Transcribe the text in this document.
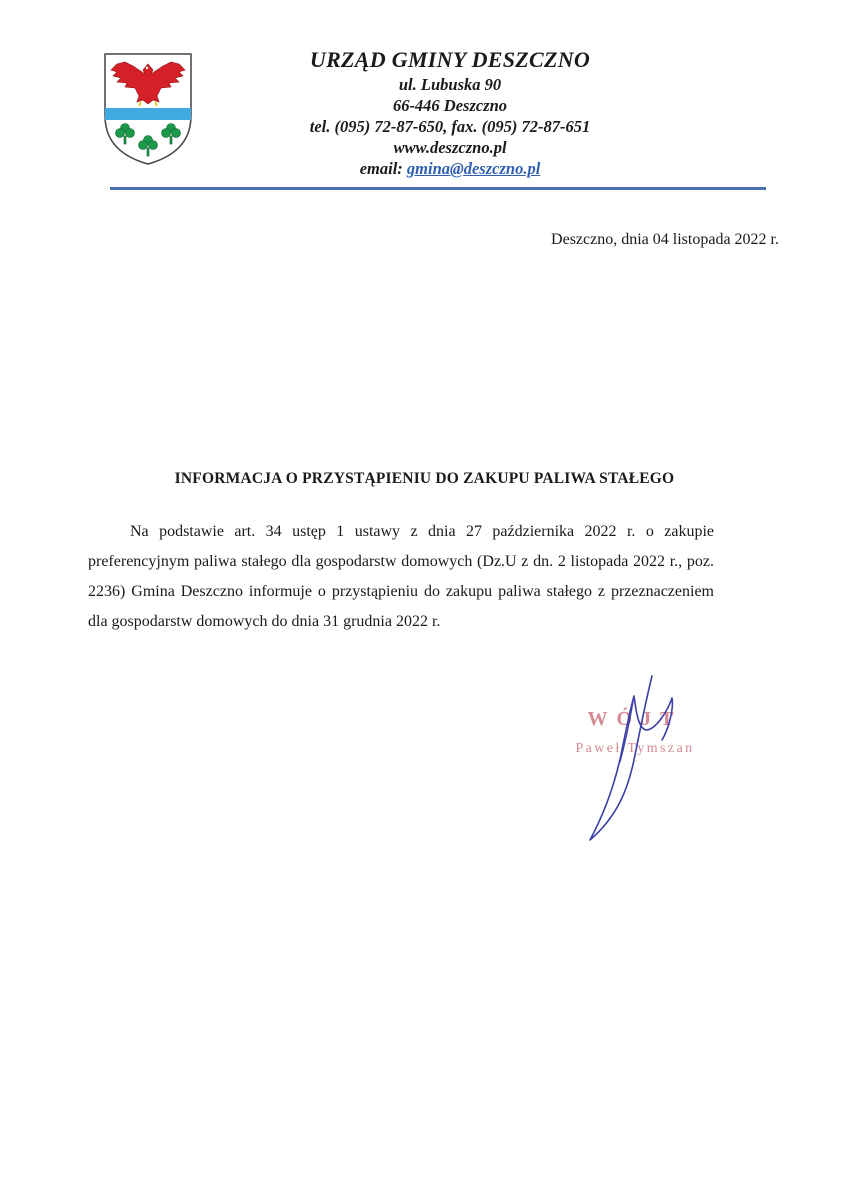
URZĄD GMINY DESZCZNO
ul. Lubuska 90
66-446 Deszczno
tel. (095) 72-87-650, fax. (095) 72-87-651
www.deszczno.pl
email: gmina@deszczno.pl
Deszczno, dnia 04 listopada 2022 r.
INFORMACJA O PRZYSTĄPIENIU DO ZAKUPU PALIWA STAŁEGO

Na podstawie art. 34 ustęp 1 ustawy z dnia 27 października 2022 r. o zakupie preferencyjnym paliwa stałego dla gospodarstw domowych (Dz.U z dn. 2 listopada 2022 r., poz. 2236) Gmina Deszczno informuje o przystąpieniu do zakupu paliwa stałego z przeznaczeniem dla gospodarstw domowych do dnia 31 grudnia 2022 r.

WÓJT
Paweł Tymszan
